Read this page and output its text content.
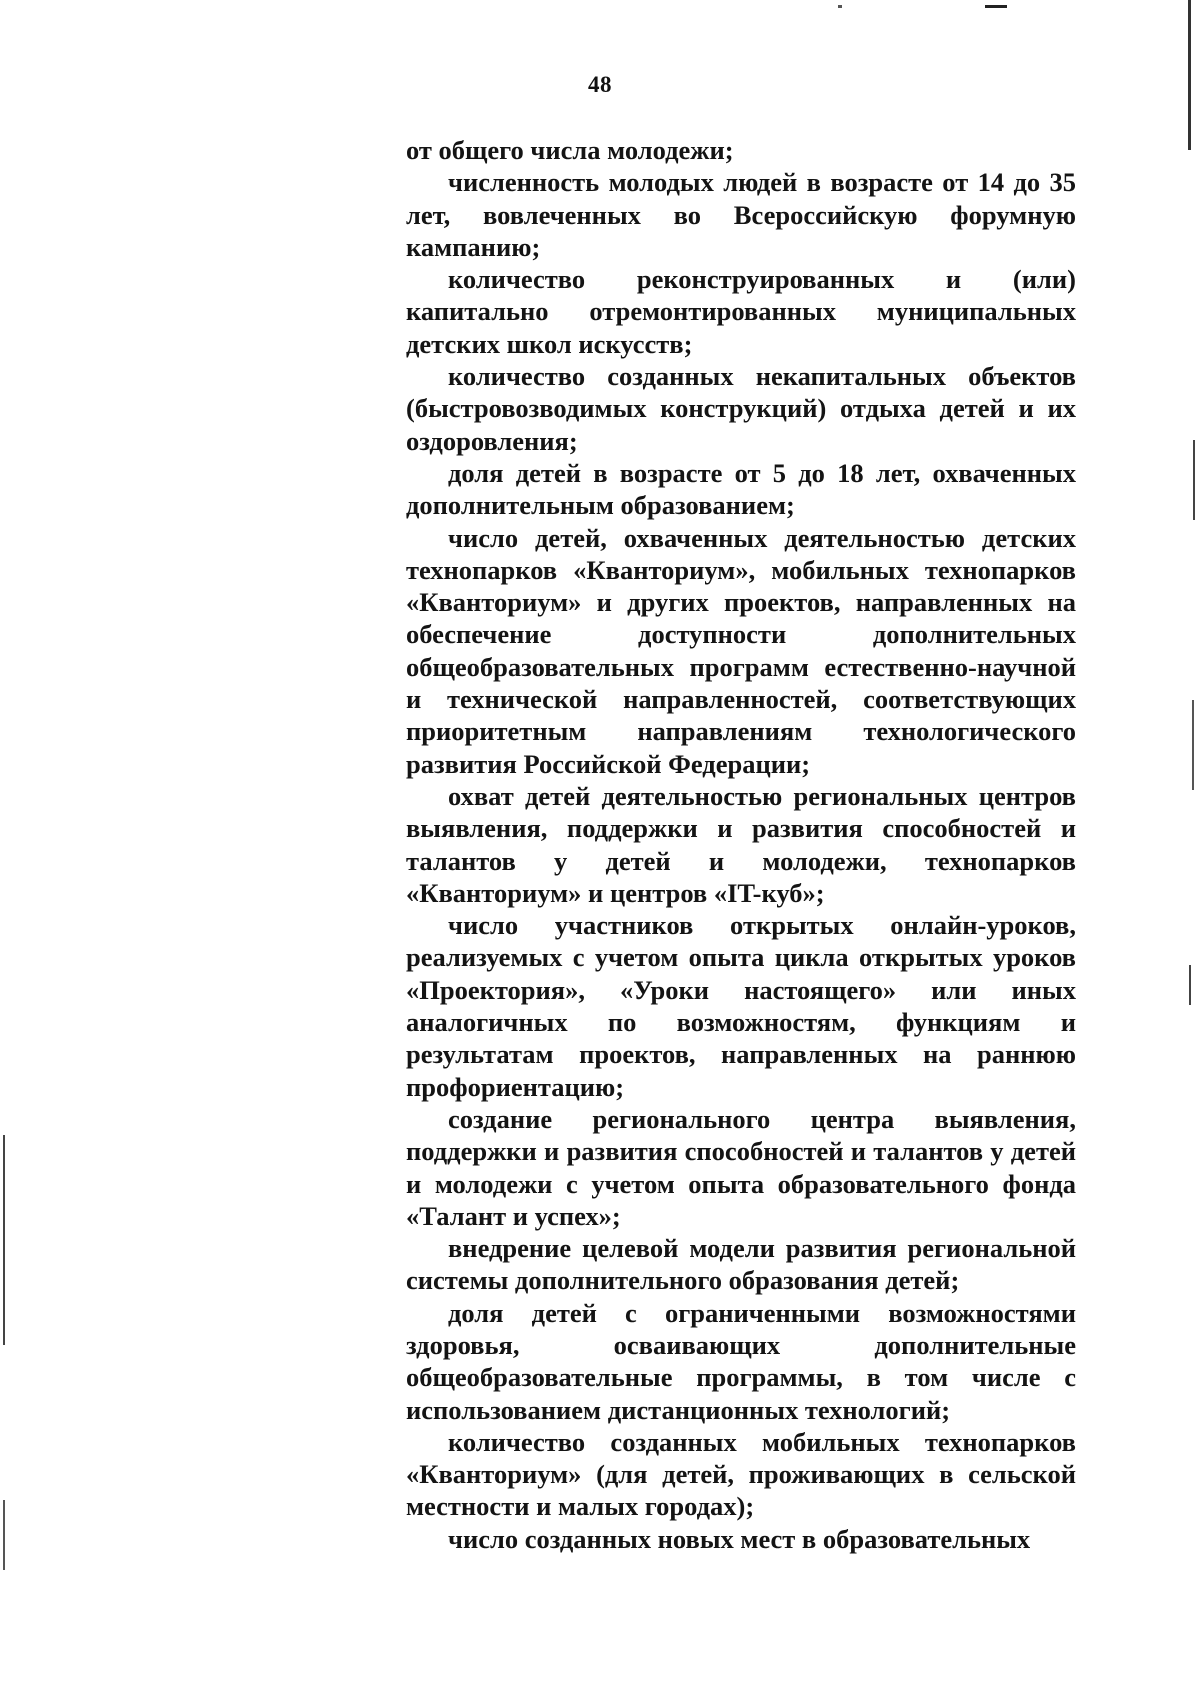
48

от общего числа молодежи;

численность молодых людей в возрасте от 14 до 35 лет, вовлеченных во Всероссийскую форумную кампанию;

количество реконструированных и (или) капитально отремонтированных муниципальных детских школ искусств;

количество созданных некапитальных объектов (быстровозводимых конструкций) отдыха детей и их оздоровления;

доля детей в возрасте от 5 до 18 лет, охваченных дополнительным образованием;

число детей, охваченных деятельностью детских технопарков «Кванториум», мобильных технопарков «Кванториум» и других проектов, направленных на обеспечение доступности дополнительных общеобразовательных программ естественно-научной и технической направленностей, соответствующих приоритетным направлениям технологического развития Российской Федерации;

охват детей деятельностью региональных центров выявления, поддержки и развития способностей и талантов у детей и молодежи, технопарков «Кванториум» и центров «IT-куб»;

число участников открытых онлайн-уроков, реализуемых с учетом опыта цикла открытых уроков «Проектория», «Уроки настоящего» или иных аналогичных по возможностям, функциям и результатам проектов, направленных на раннюю профориентацию;

создание регионального центра выявления, поддержки и развития способностей и талантов у детей и молодежи с учетом опыта образовательного фонда «Талант и успех»;

внедрение целевой модели развития региональной системы дополнительного образования детей;

доля детей с ограниченными возможностями здоровья, осваивающих дополнительные общеобразовательные программы, в том числе с использованием дистанционных технологий;

количество созданных мобильных технопарков «Кванториум» (для детей, проживающих в сельской местности и малых городах);

число созданных новых мест в образовательных
